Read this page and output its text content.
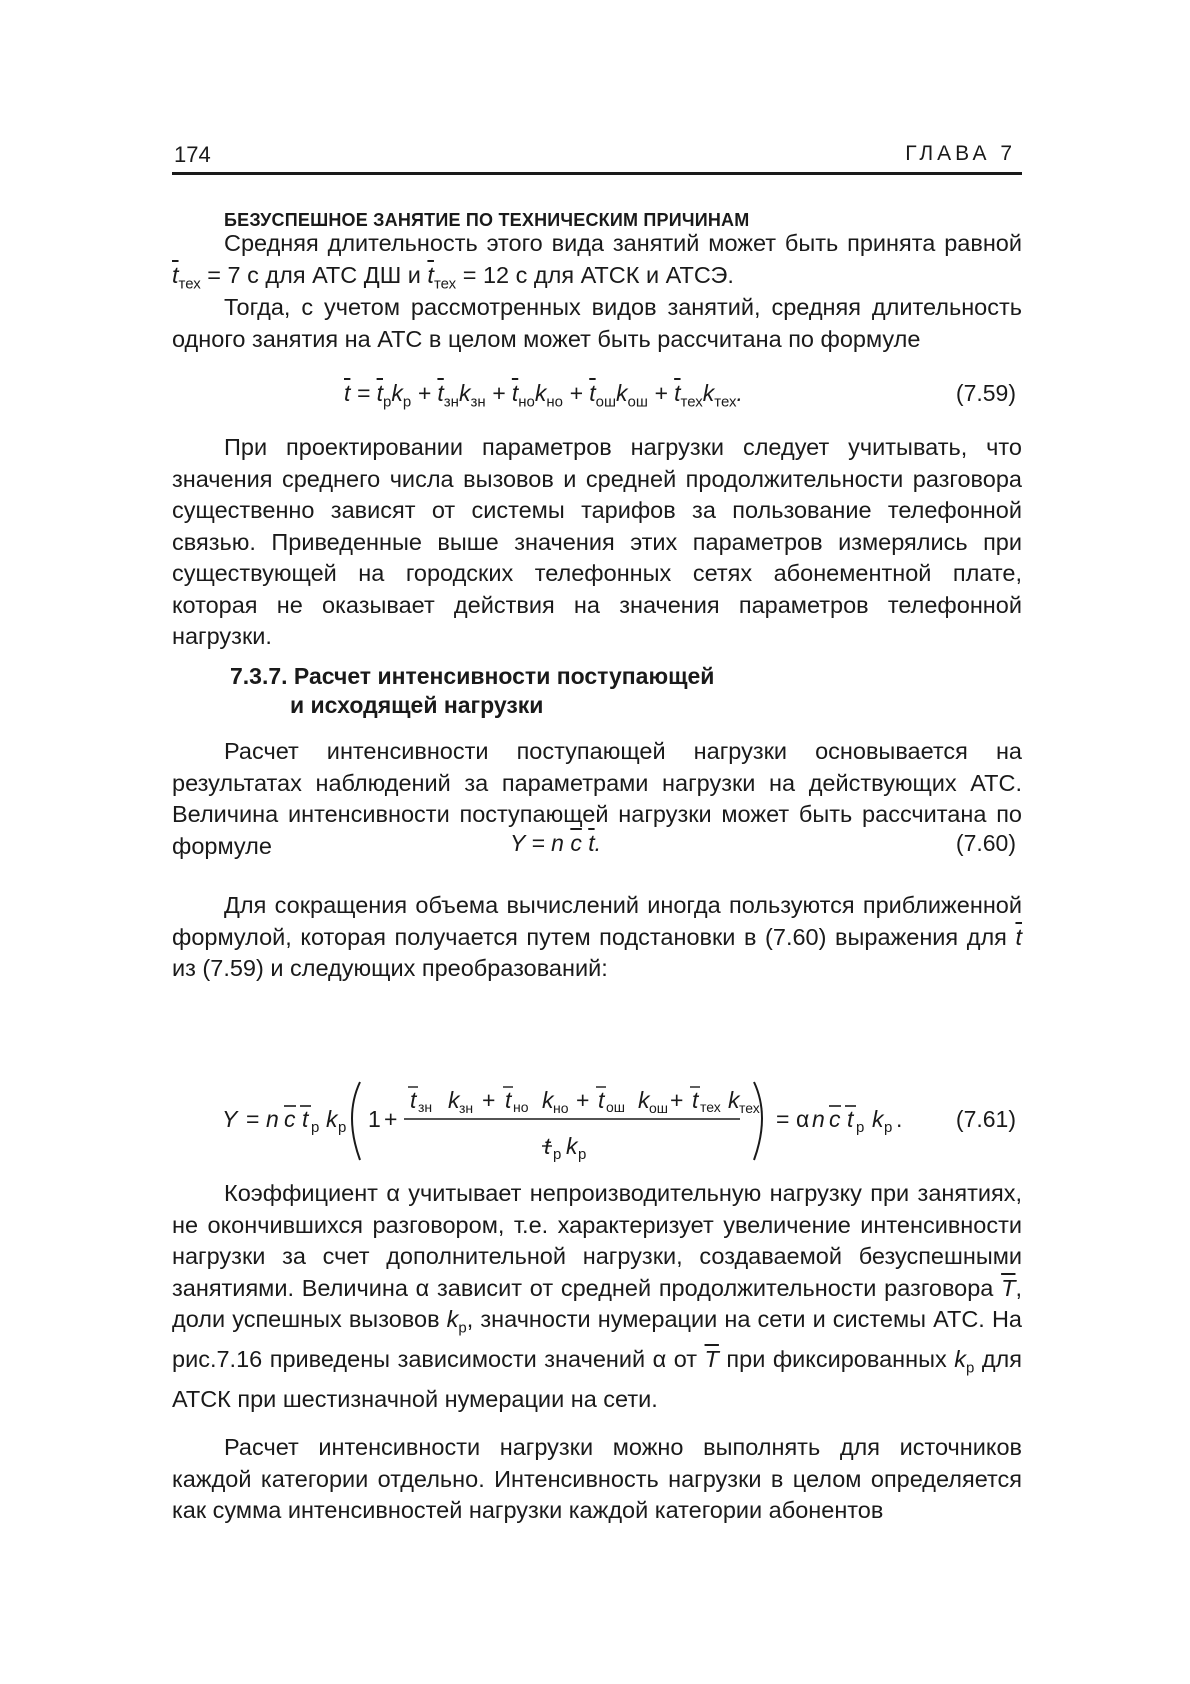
174	ГЛАВА 7
БЕЗУСПЕШНОЕ ЗАНЯТИЕ ПО ТЕХНИЧЕСКИМ ПРИЧИНАМ

Средняя длительность этого вида занятий может быть принята равной $\overline{t}_{тех} = 7$ с для АТС ДШ и $\overline{t}_{тех} = 12$ с для АТСК и АТСЭ.

Тогда, с учетом рассмотренных видов занятий, средняя длительность одного занятия на АТС в целом может быть рассчитана по формуле

$\overline{t} = \overline{t}_рk_р + \overline{t}_{зн}k_{зн} + \overline{t}_{но}k_{но} + \overline{t}_{ош}k_{ош} + \overline{t}_{тех}k_{тех}$.	(7.59)

При проектировании параметров нагрузки следует учитывать, что значения среднего числа вызовов и средней продолжительности разговора существенно зависят от системы тарифов за пользование телефонной связью. Приведенные выше значения этих параметров измерялись при существующей на городских телефонных сетях абонементной плате, которая не оказывает действия на значения параметров телефонной нагрузки.

7.3.7. Расчет интенсивности поступающей
и исходящей нагрузки

Расчет интенсивности поступающей нагрузки основывается на результатах наблюдений за параметрами нагрузки на действующих АТС. Величина интенсивности поступающей нагрузки может быть рассчитана по формуле	Y = n $\overline{c}$ $\overline{t}$.	(7.60)

Для сокращения объема вычислений иногда пользуются приближенной формулой, которая получается путем подстановки в (7.60) выражения для $\overline{t}$ из (7.59) и следующих преобразований:

Y = n c t р k р 1 +
t k t k t k t k
зн зн	но но	ош ош тех тех
+	+	+
t р k р
= α n c t р k р . (7.61)

Коэффициент α учитывает непроизводительную нагрузку при занятиях, не окончившихся разговором, т.е. характеризует увеличение интенсивности нагрузки за счет дополнительной нагрузки, создаваемой безуспешными занятиями. Величина α зависит от средней продолжительности разговора $\overline{T}$, доли успешных вызовов $k_р$, значности нумерации на сети и системы АТС. На рис.7.16 приведены зависимости значений α от $\overline{T}$ при фиксированных $k_р$ для АТСК при шестизначной нумерации на сети.

Расчет интенсивности нагрузки можно выполнять для источников каждой категории отдельно. Интенсивность нагрузки в целом определяется как сумма интенсивностей нагрузки каждой категории абонентов
